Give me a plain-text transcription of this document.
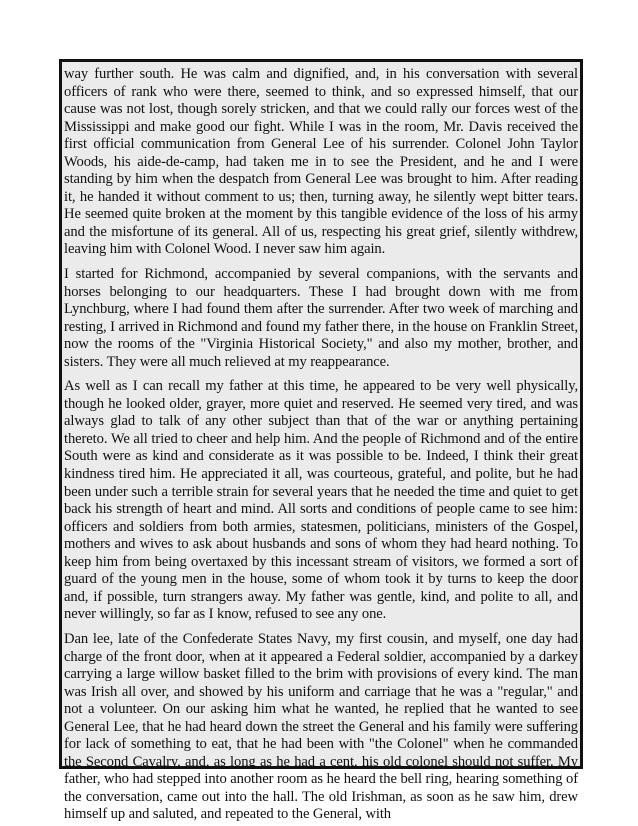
way further south. He was calm and dignified, and, in his conversation with several officers of rank who were there, seemed to think, and so expressed himself, that our cause was not lost, though sorely stricken, and that we could rally our forces west of the Mississippi and make good our fight. While I was in the room, Mr. Davis received the first official communication from General Lee of his surrender. Colonel John Taylor Woods, his aide-de-camp, had taken me in to see the President, and he and I were standing by him when the despatch from General Lee was brought to him. After reading it, he handed it without comment to us; then, turning away, he silently wept bitter tears. He seemed quite broken at the moment by this tangible evidence of the loss of his army and the misfortune of its general. All of us, respecting his great grief, silently withdrew, leaving him with Colonel Wood. I never saw him again.

I started for Richmond, accompanied by several companions, with the servants and horses belonging to our headquarters. These I had brought down with me from Lynchburg, where I had found them after the surrender. After two week of marching and resting, I arrived in Richmond and found my father there, in the house on Franklin Street, now the rooms of the "Virginia Historical Society," and also my mother, brother, and sisters. They were all much relieved at my reappearance.

As well as I can recall my father at this time, he appeared to be very well physically, though he looked older, grayer, more quiet and reserved. He seemed very tired, and was always glad to talk of any other subject than that of the war or anything pertaining thereto. We all tried to cheer and help him. And the people of Richmond and of the entire South were as kind and considerate as it was possible to be. Indeed, I think their great kindness tired him. He appreciated it all, was courteous, grateful, and polite, but he had been under such a terrible strain for several years that he needed the time and quiet to get back his strength of heart and mind. All sorts and conditions of people came to see him: officers and soldiers from both armies, statesmen, politicians, ministers of the Gospel, mothers and wives to ask about husbands and sons of whom they had heard nothing. To keep him from being overtaxed by this incessant stream of visitors, we formed a sort of guard of the young men in the house, some of whom took it by turns to keep the door and, if possible, turn strangers away. My father was gentle, kind, and polite to all, and never willingly, so far as I know, refused to see any one.

Dan lee, late of the Confederate States Navy, my first cousin, and myself, one day had charge of the front door, when at it appeared a Federal soldier, accompanied by a darkey carrying a large willow basket filled to the brim with provisions of every kind. The man was Irish all over, and showed by his uniform and carriage that he was a "regular," and not a volunteer. On our asking him what he wanted, he replied that he wanted to see General Lee, that he had heard down the street the General and his family were suffering for lack of something to eat, that he had been with "the Colonel" when he commanded the Second Cavalry, and, as long as he had a cent, his old colonel should not suffer. My father, who had stepped into another room as he heard the bell ring, hearing something of the conversation, came out into the hall. The old Irishman, as soon as he saw him, drew himself up and saluted, and repeated to the General, with
